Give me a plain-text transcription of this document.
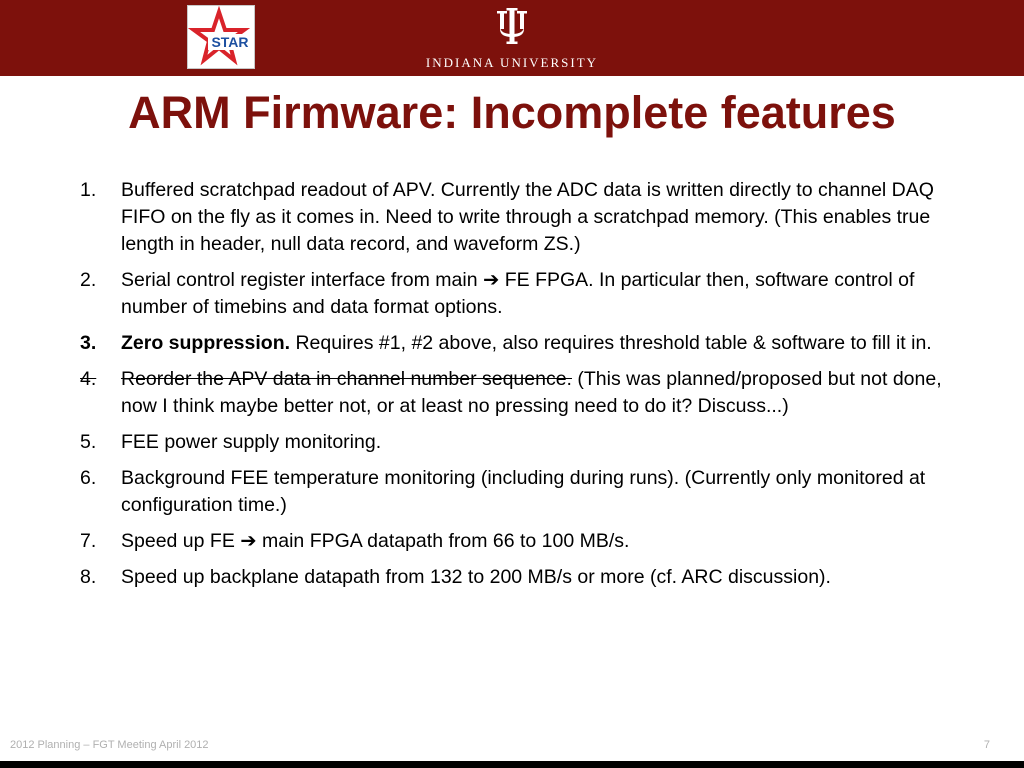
STAR
INDIANA UNIVERSITY
ARM Firmware: Incomplete features
1. Buffered scratchpad readout of APV. Currently the ADC data is written directly to channel DAQ FIFO on the fly as it comes in. Need to write through a scratchpad memory. (This enables true length in header, null data record, and waveform ZS.)
2. Serial control register interface from main ➔ FE FPGA. In particular then, software control of number of timebins and data format options.
3. Zero suppression. Requires #1, #2 above, also requires threshold table & software to fill it in.
4. Reorder the APV data in channel number sequence. (This was planned/proposed but not done, now I think maybe better not, or at least no pressing need to do it? Discuss...)
5. FEE power supply monitoring.
6. Background FEE temperature monitoring (including during runs). (Currently only monitored at configuration time.)
7. Speed up FE ➔ main FPGA datapath from 66 to 100 MB/s.
8. Speed up backplane datapath from 132 to 200 MB/s or more (cf. ARC discussion).
2012 Planning – FGT Meeting April 2012	7
